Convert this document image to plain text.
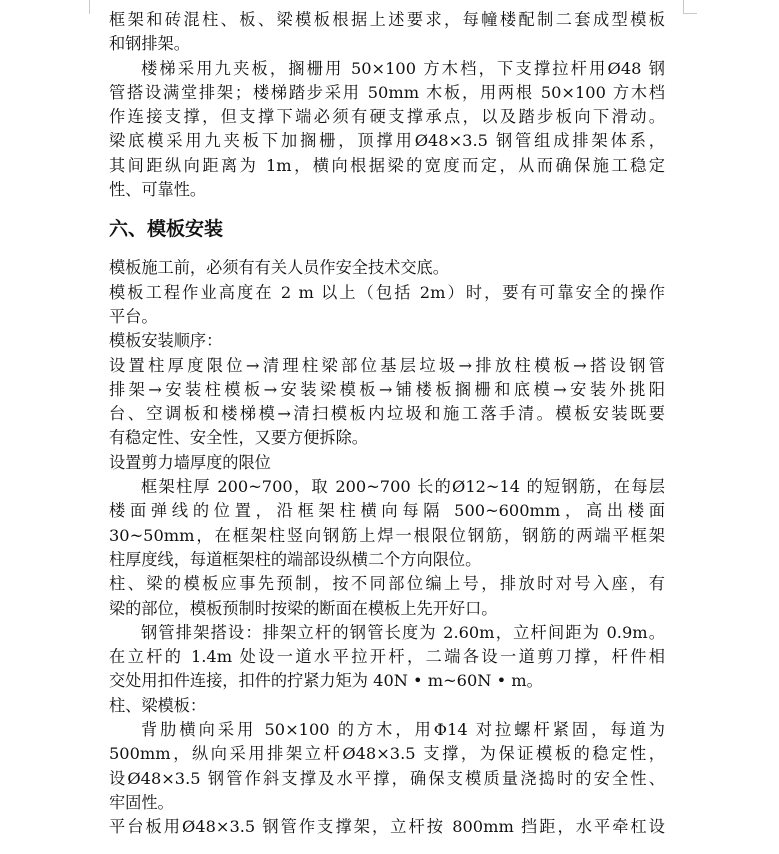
框架和砖混柱、板、梁模板根据上述要求，每幢楼配制二套成型模板
和钢排架。
楼梯采用九夹板，搁栅用 50×100 方木档，下支撑拉杆用Ø48 钢
管搭设满堂排架；楼梯踏步采用 50mm 木板，用两根 50×100 方木档
作连接支撑，但支撑下端必须有硬支撑承点，以及踏步板向下滑动。
梁底模采用九夹板下加搁栅，顶撑用Ø48×3.5 钢管组成排架体系，
其间距纵向距离为 1m，横向根据梁的宽度而定，从而确保施工稳定
性、可靠性。
六、模板安装
模板施工前，必须有有关人员作安全技术交底。
模板工程作业高度在 2 m 以上（包括 2m）时，要有可靠安全的操作
平台。
模板安装顺序：
设置柱厚度限位→清理柱梁部位基层垃圾→排放柱模板→搭设钢管
排架→安装柱模板→安装梁模板→铺楼板搁栅和底模→安装外挑阳
台、空调板和楼梯模→清扫模板内垃圾和施工落手清。模板安装既要
有稳定性、安全性，又要方便拆除。
设置剪力墙厚度的限位
框架柱厚 200~700，取 200~700 长的Ø12~14 的短钢筋，在每层
楼面弹线的位置，沿框架柱横向每隔 500~600mm，高出楼面
30~50mm，在框架柱竖向钢筋上焊一根限位钢筋，钢筋的两端平框架
柱厚度线，每道框架柱的端部设纵横二个方向限位。
柱、梁的模板应事先预制，按不同部位编上号，排放时对号入座，有
梁的部位，模板预制时按梁的断面在模板上先开好口。
钢管排架搭设：排架立杆的钢管长度为 2.60m，立杆间距为 0.9m。
在立杆的 1.4m 处设一道水平拉开杆，二端各设一道剪刀撑，杆件相
交处用扣件连接，扣件的拧紧力矩为 40N • m~60N • m。
柱、梁模板：
背肋横向采用 50×100 的方木，用Φ14 对拉螺杆紧固，每道为
500mm，纵向采用排架立杆Ø48×3.5 支撑，为保证模板的稳定性，
设Ø48×3.5 钢管作斜支撑及水平撑，确保支模质量浇捣时的安全性、
牢固性。
平台板用Ø48×3.5 钢管作支撑架，立杆按 800mm 挡距，水平牵杠设
